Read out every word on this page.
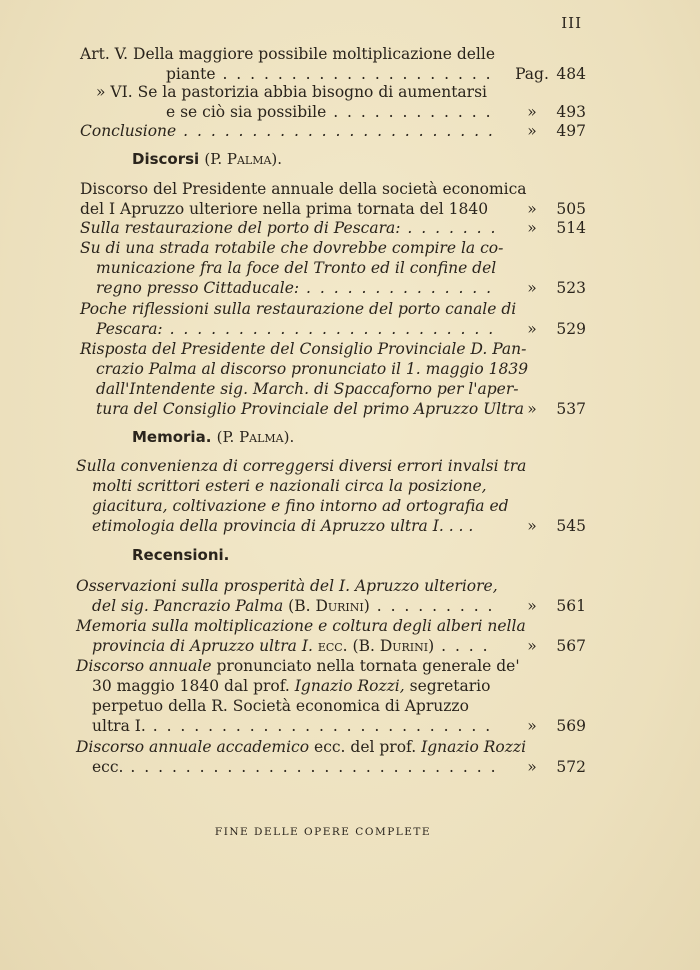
III
Art. V. Della maggiore possibile moltiplicazione delle
piante . . .	Pag. 484
» VI. Se la pastorizia abbia bisogno di aumentarsi
e se ciò sia possibile . . .	» 493
Conclusione . . .	» 497
Discorsi (P. Palma).
Discorso del Presidente annuale della società economica
del I Apruzzo ulteriore nella prima tornata del 1840	» 505
Sulla restaurazione del porto di Pescara: . . .	» 514
Su di una strada rotabile che dovrebbe compire la co-
municazione fra la foce del Tronto ed il confine del
regno presso Cittaducale: . . .	» 523
Poche riflessioni sulla restaurazione del porto canale di
Pescara: . . .	» 529
Risposta del Presidente del Consiglio Provinciale D. Pan-
crazio Palma al discorso pronunciato il 1. maggio 1839
dall'Intendente sig. March. di Spaccaforno per l'aper-
tura del Consiglio Provinciale del primo Apruzzo Ultra » 537
Memoria. (P. Palma).
Sulla convenienza di correggersi diversi errori invalsi tra
molti scrittori esteri e nazionali circa la posizione,
giacitura, coltivazione e fino intorno ad ortografia ed
etimologia della provincia di Apruzzo ultra I. . . .	» 545
Recensioni.
Osservazioni sulla prosperità del I. Apruzzo ulteriore,
del sig. Pancrazio Palma (B. Durini) . . .	» 561
Memoria sulla moltiplicazione e coltura degli alberi nella
provincia di Apruzzo ultra I. ecc. (B. Durini) . . .	» 567
Discorso annuale pronunciato nella tornata generale de'
30 maggio 1840 dal prof. Ignazio Rozzi, segretario
perpetuo della R. Società economica di Apruzzo
ultra I. . . .	» 569
Discorso annuale accademico ecc. del prof. Ignazio Rozzi
ecc. . . .	» 572
FINE DELLE OPERE COMPLETE
